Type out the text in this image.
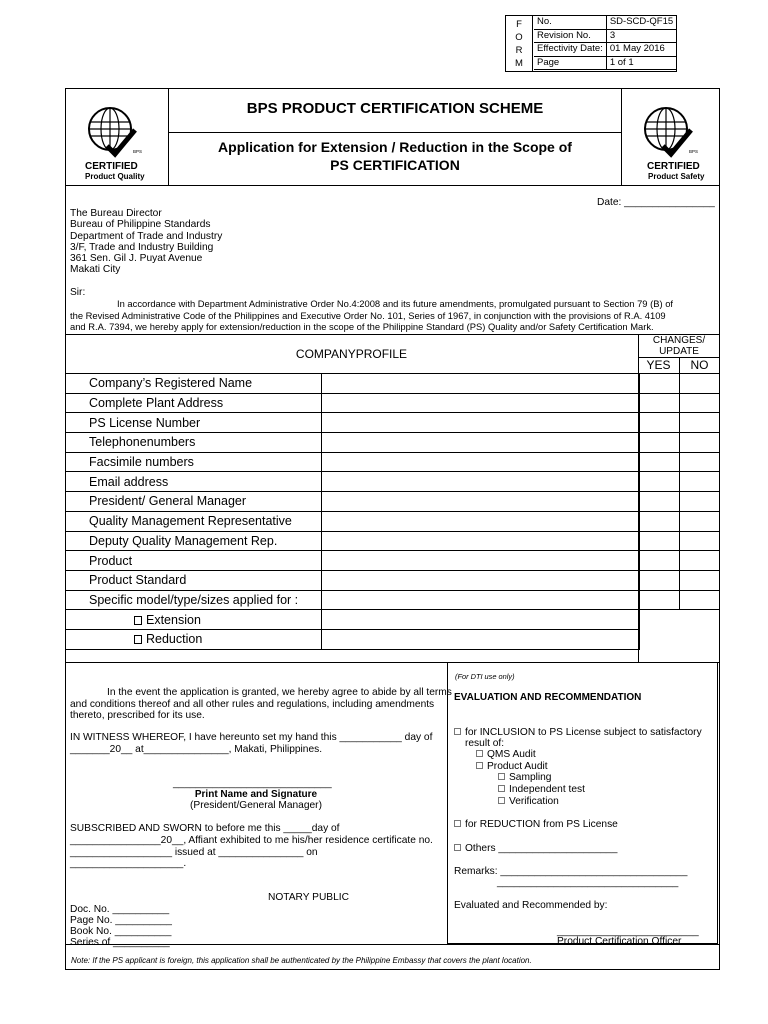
F
O
R
M
No.	SD-SCD-QF15
Revision No.	3
Effectivity Date:	01 May 2016
Page	1 of 1
BPS
CERTIFIED
Product Quality
BPS
CERTIFIED
Product Safety
BPS PRODUCT CERTIFICATION SCHEME
Application for Extension / Reduction in the Scope of
PS CERTIFICATION
Date: ________________
The Bureau Director
Bureau of Philippine Standards
Department of Trade and Industry
3/F, Trade and Industry Building
361 Sen. Gil J. Puyat Avenue
Makati City
Sir:
In accordance with Department Administrative Order No.4:2008 and its future amendments, promulgated pursuant to Section 79 (B) of
the Revised Administrative Code of the Philippines and Executive Order No. 101, Series of 1967, in conjunction with the provisions of R.A. 4109
and R.A. 7394, we hereby apply for extension/reduction in the scope of the Philippine Standard (PS) Quality and/or Safety Certification Mark.
COMPANYPROFILE
CHANGES/
UPDATE
YES	NO
Company’s Registered Name			
Complete Plant Address			
PS License Number			
Telephonenumbers			
Facsimile numbers			
Email address			
President/ General Manager			
Quality Management Representative			
Deputy Quality Management Rep.			
Product			
Product Standard			
Specific model/type/sizes applied for :			
Extension			
Reduction			
In the event the application is granted, we hereby agree to abide by all terms
and conditions thereof and all other rules and regulations, including amendments
thereto, prescribed for its use.
IN WITNESS WHEREOF, I have hereunto set my hand this ___________ day of
_______20__ at_______________, Makati, Philippines.
____________________________
Print Name and Signature
(President/General Manager)
SUBSCRIBED AND SWORN to before me this _____day of
________________20__, Affiant exhibited to me his/her residence certificate no.
__________________ issued at _______________ on
____________________.
NOTARY PUBLIC
Doc. No. __________
Page No. __________
Book No. __________
Series of __________
(For DTI use only)
EVALUATION AND RECOMMENDATION
for INCLUSION to PS License subject to satisfactory
result of:
QMS Audit
Product Audit
Sampling
Independent test
Verification
for REDUCTION from PS License
Others _____________________
Remarks: _________________________________
________________________________
Evaluated and Recommended by:
_________________________
Product Certification Officer
Note: If the PS applicant is foreign, this application shall be authenticated by the Philippine Embassy that covers the plant location.
